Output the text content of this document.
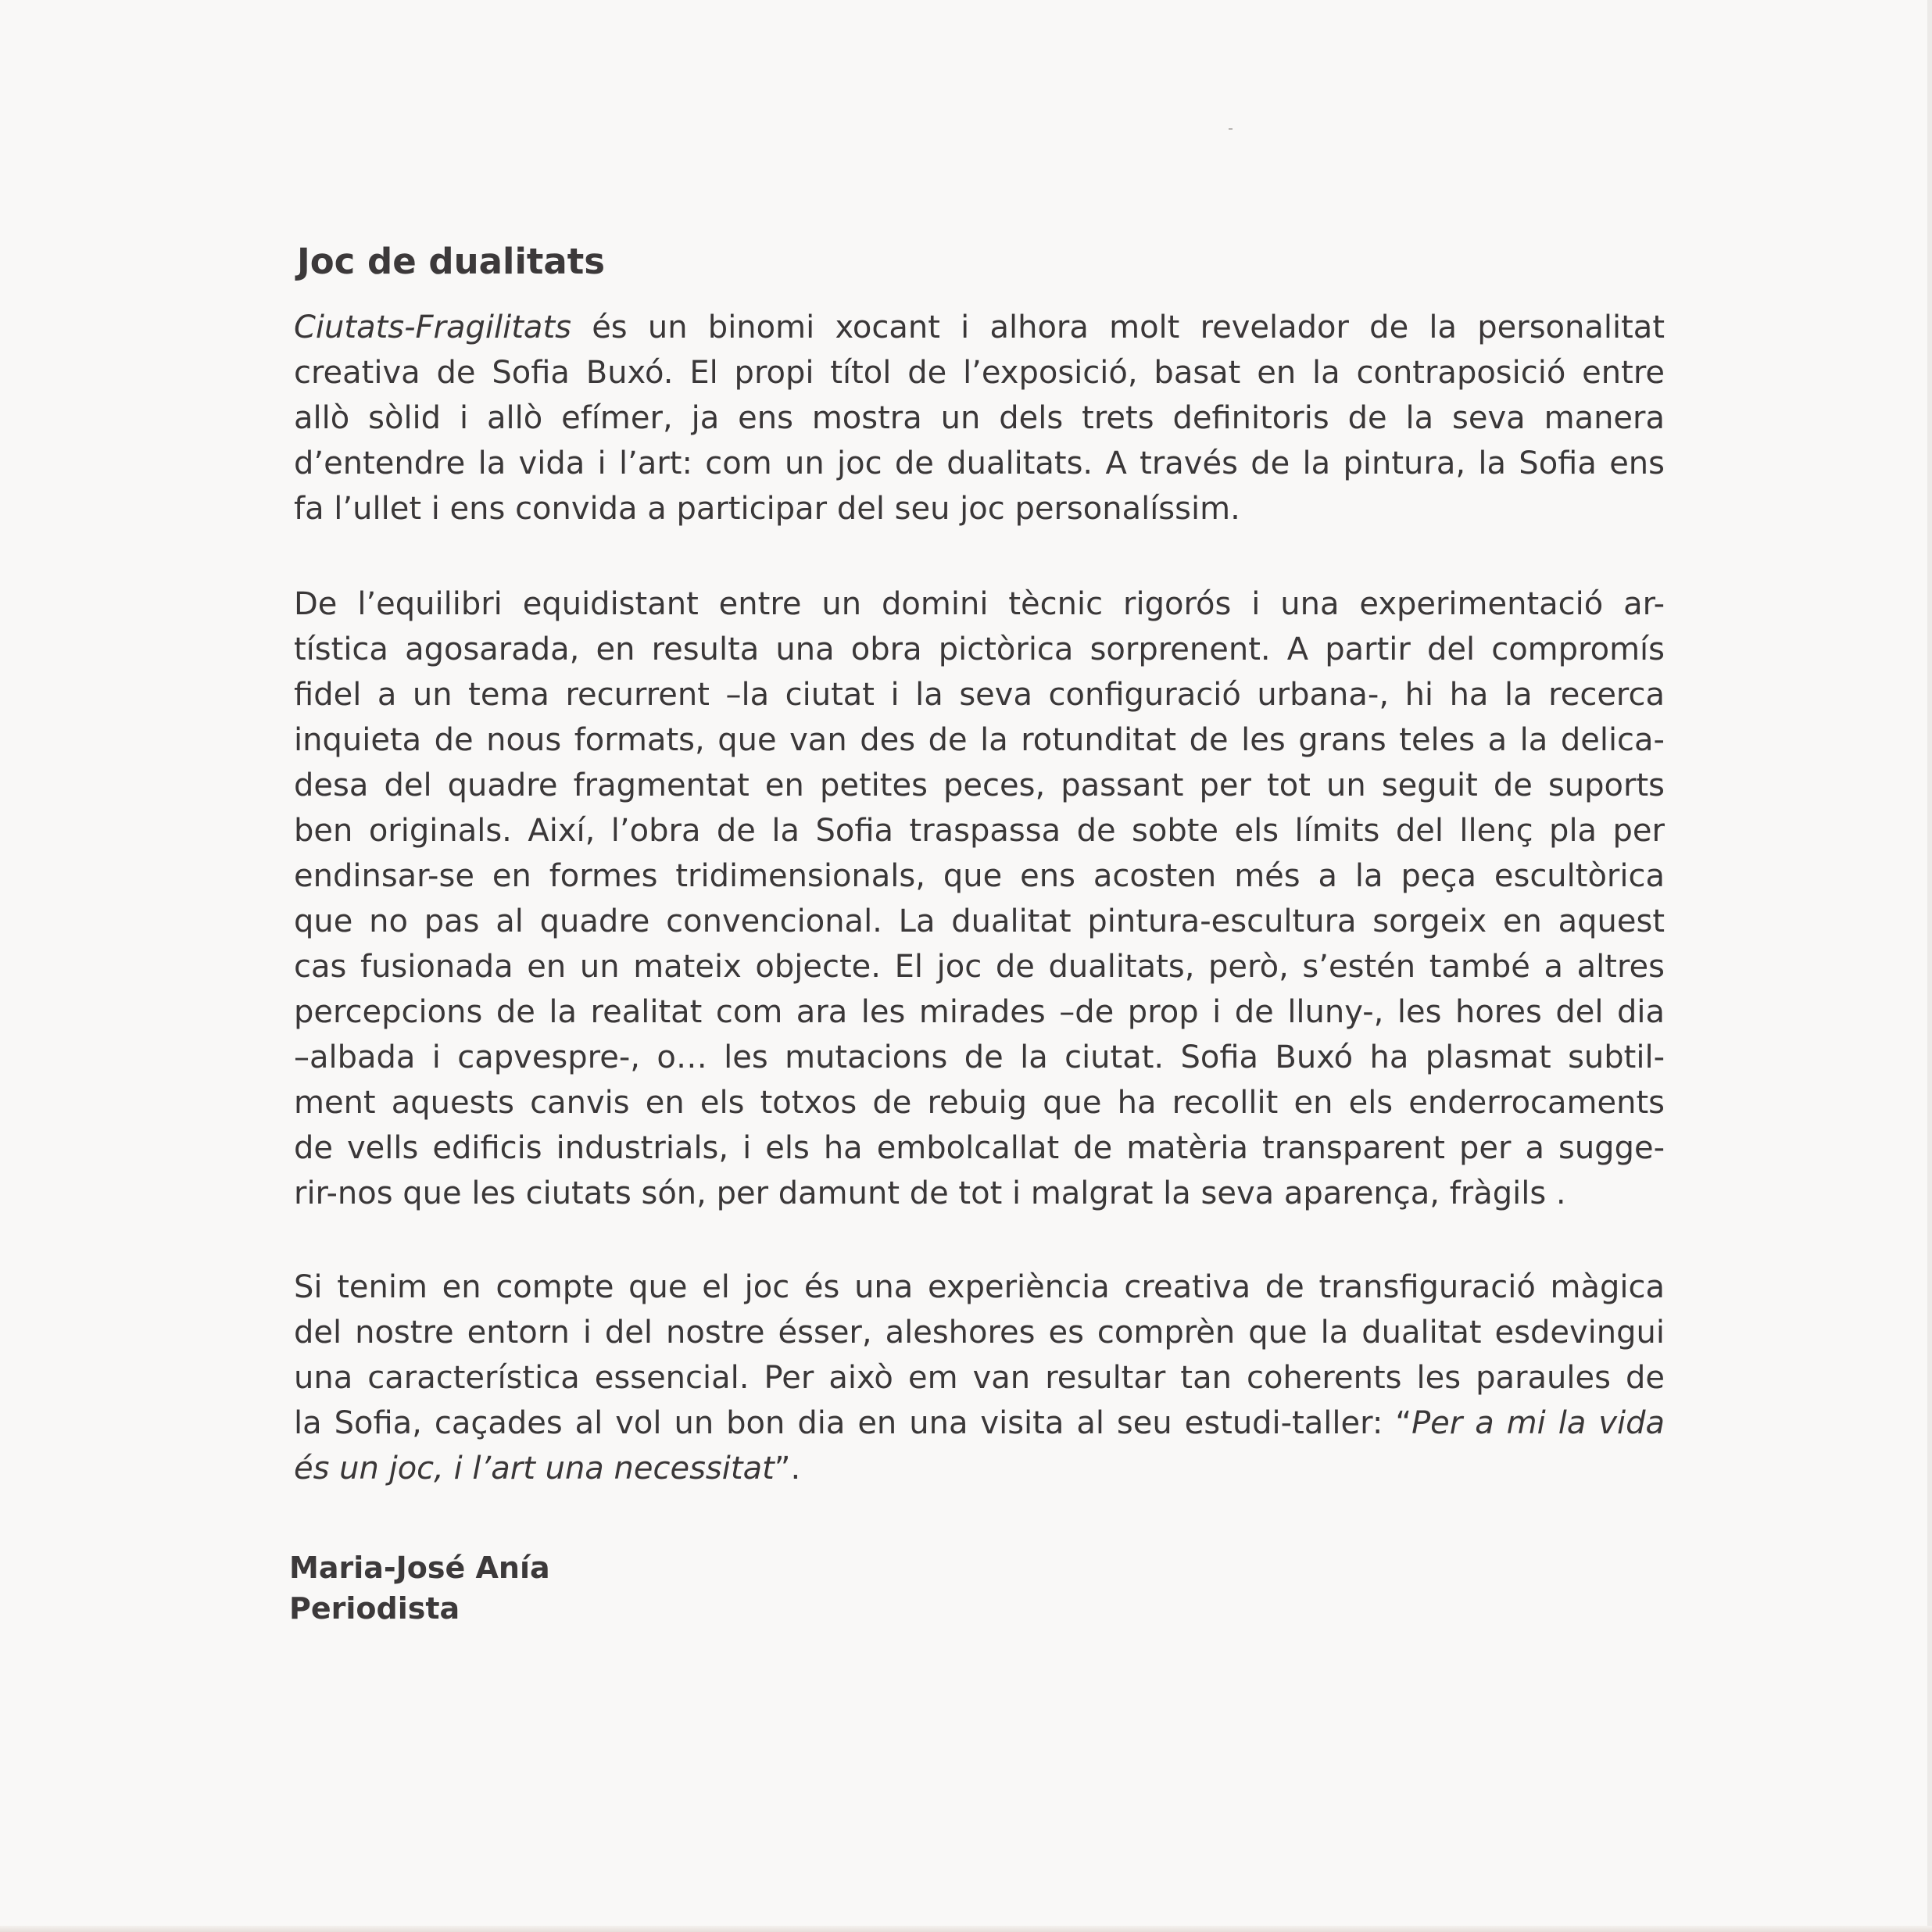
Joc de dualitats
Ciutats-Fragilitats és un binomi xocant i alhora molt revelador de la personalitat
creativa de Sofia Buxó. El propi títol de l’exposició, basat en la contraposició entre
allò sòlid i allò efímer, ja ens mostra un dels trets definitoris de la seva manera
d’entendre la vida i l’art: com un joc de dualitats. A través de la pintura, la Sofia ens
fa l’ullet i ens convida a participar del seu joc personalíssim.
De l’equilibri equidistant entre un domini tècnic rigorós i una experimentació ar-
tística agosarada, en resulta una obra pictòrica sorprenent. A partir del compromís
fidel a un tema recurrent –la ciutat i la seva configuració urbana-, hi ha la recerca
inquieta de nous formats, que van des de la rotunditat de les grans teles a la delica-
desa del quadre fragmentat en petites peces, passant per tot un seguit de suports
ben originals. Així, l’obra de la Sofia traspassa de sobte els límits del llenç pla per
endinsar-se en formes tridimensionals, que ens acosten més a la peça escultòrica
que no pas al quadre convencional. La dualitat pintura-escultura sorgeix en aquest
cas fusionada en un mateix objecte. El joc de dualitats, però, s’estén també a altres
percepcions de la realitat com ara les mirades –de prop i de lluny-, les hores del dia
–albada i capvespre-, o… les mutacions de la ciutat. Sofia Buxó ha plasmat subtil-
ment aquests canvis en els totxos de rebuig que ha recollit en els enderrocaments
de vells edificis industrials, i els ha embolcallat de matèria transparent per a sugge-
rir-nos que les ciutats són, per damunt de tot i malgrat la seva aparença, fràgils .
Si tenim en compte que el joc és una experiència creativa de transfiguració màgica
del nostre entorn i del nostre ésser, aleshores es comprèn que la dualitat esdevingui
una característica essencial. Per això em van resultar tan coherents les paraules de
la Sofia, caçades al vol un bon dia en una visita al seu estudi-taller: “Per a mi la vida
és un joc, i l’art una necessitat”.
Maria-José Anía
Periodista
